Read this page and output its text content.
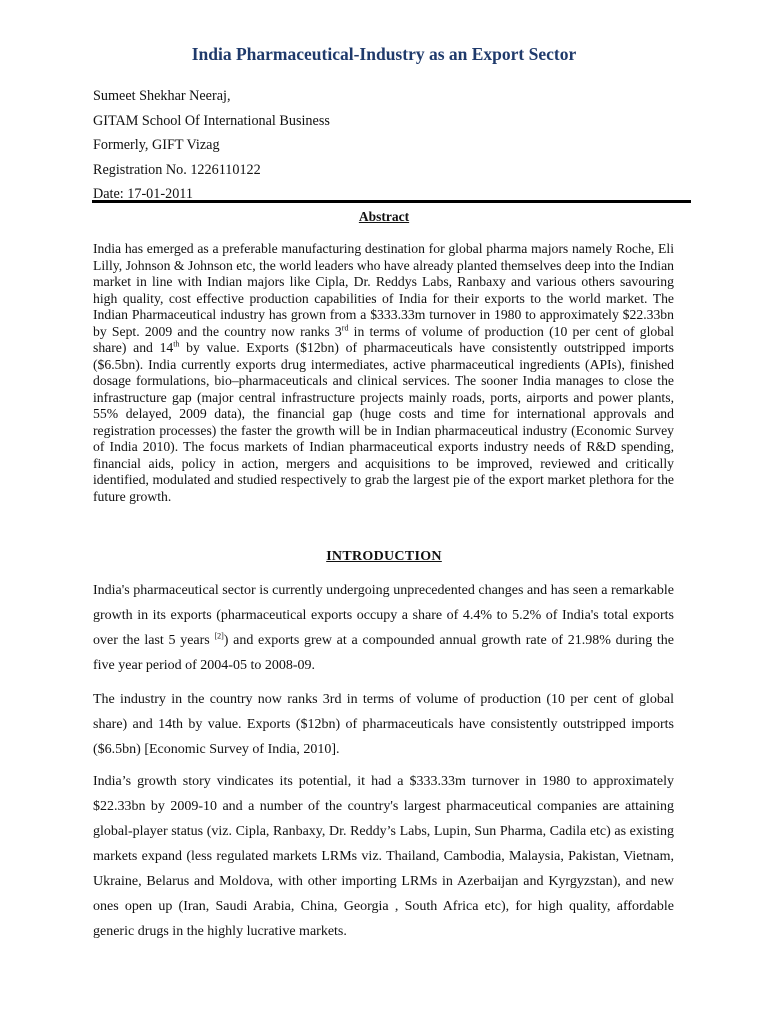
India Pharmaceutical-Industry as an Export Sector
Sumeet Shekhar Neeraj,
GITAM School Of International Business
Formerly, GIFT Vizag
Registration No. 1226110122
Date: 17-01-2011
Abstract

India has emerged as a preferable manufacturing destination for global pharma majors namely Roche, Eli Lilly, Johnson & Johnson etc, the world leaders who have already planted themselves deep into the Indian market in line with Indian majors like Cipla, Dr. Reddys Labs, Ranbaxy and various others savouring high quality, cost effective production capabilities of India for their exports to the world market. The Indian Pharmaceutical industry has grown from a $333.33m turnover in 1980 to approximately $22.33bn by Sept. 2009 and the country now ranks 3rd in terms of volume of production (10 per cent of global share) and 14th by value. Exports ($12bn) of pharmaceuticals have consistently outstripped imports ($6.5bn). India currently exports drug intermediates, active pharmaceutical ingredients (APIs), finished dosage formulations, bio–pharmaceuticals and clinical services. The sooner India manages to close the infrastructure gap (major central infrastructure projects mainly roads, ports, airports and power plants, 55% delayed, 2009 data), the financial gap (huge costs and time for international approvals and registration processes) the faster the growth will be in Indian pharmaceutical industry (Economic Survey of India 2010). The focus markets of Indian pharmaceutical exports industry needs of R&D spending, financial aids, policy in action, mergers and acquisitions to be improved, reviewed and critically identified, modulated and studied respectively to grab the largest pie of the export market plethora for the future growth.

INTRODUCTION

India's pharmaceutical sector is currently undergoing unprecedented changes and has seen a remarkable growth in its exports (pharmaceutical exports occupy a share of 4.4% to 5.2% of India's total exports over the last 5 years [2]) and exports grew at a compounded annual growth rate of 21.98% during the five year period of 2004-05 to 2008-09.

The industry in the country now ranks 3rd in terms of volume of production (10 per cent of global share) and 14th by value. Exports ($12bn) of pharmaceuticals have consistently outstripped imports ($6.5bn) [Economic Survey of India, 2010].

India’s growth story vindicates its potential, it had a $333.33m turnover in 1980 to approximately $22.33bn by 2009-10 and a number of the country's largest pharmaceutical companies are attaining global-player status (viz. Cipla, Ranbaxy, Dr. Reddy’s Labs, Lupin, Sun Pharma, Cadila etc) as existing markets expand (less regulated markets LRMs viz. Thailand, Cambodia, Malaysia, Pakistan, Vietnam, Ukraine, Belarus and Moldova, with other importing LRMs in Azerbaijan and Kyrgyzstan), and new ones open up (Iran, Saudi Arabia, China, Georgia , South Africa etc), for high quality, affordable generic drugs in the highly lucrative markets.
